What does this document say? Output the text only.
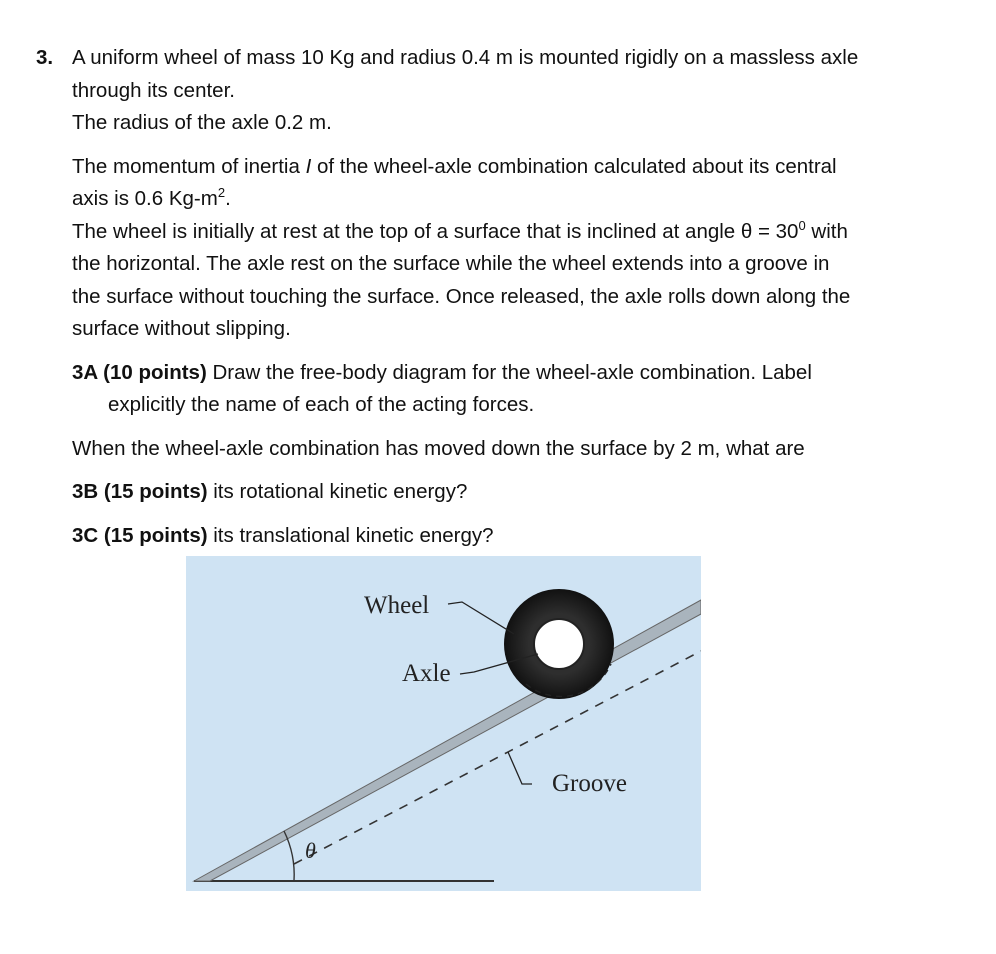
3. A uniform wheel of mass 10 Kg and radius 0.4 m is mounted rigidly on a massless axle
through its center.
The radius of the axle 0.2 m.
The momentum of inertia I of the wheel-axle combination calculated about its central
axis is 0.6 $Kg-m^2$.
The wheel is initially at rest at the top of a surface that is inclined at angle $\theta = 30^0$ with
the horizontal. The axle rest on the surface while the wheel extends into a groove in
the surface without touching the surface. Once released, the axle rolls down along the
surface without slipping.
3A (10 points) Draw the free-body diagram for the wheel-axle combination. Label
explicitly the name of each of the acting forces.
When the wheel-axle combination has moved down the surface by 2 m, what are
3B (15 points) its rotational kinetic energy?
3C (15 points) its translational kinetic energy?
Wheel
Axle
Groove
θ
